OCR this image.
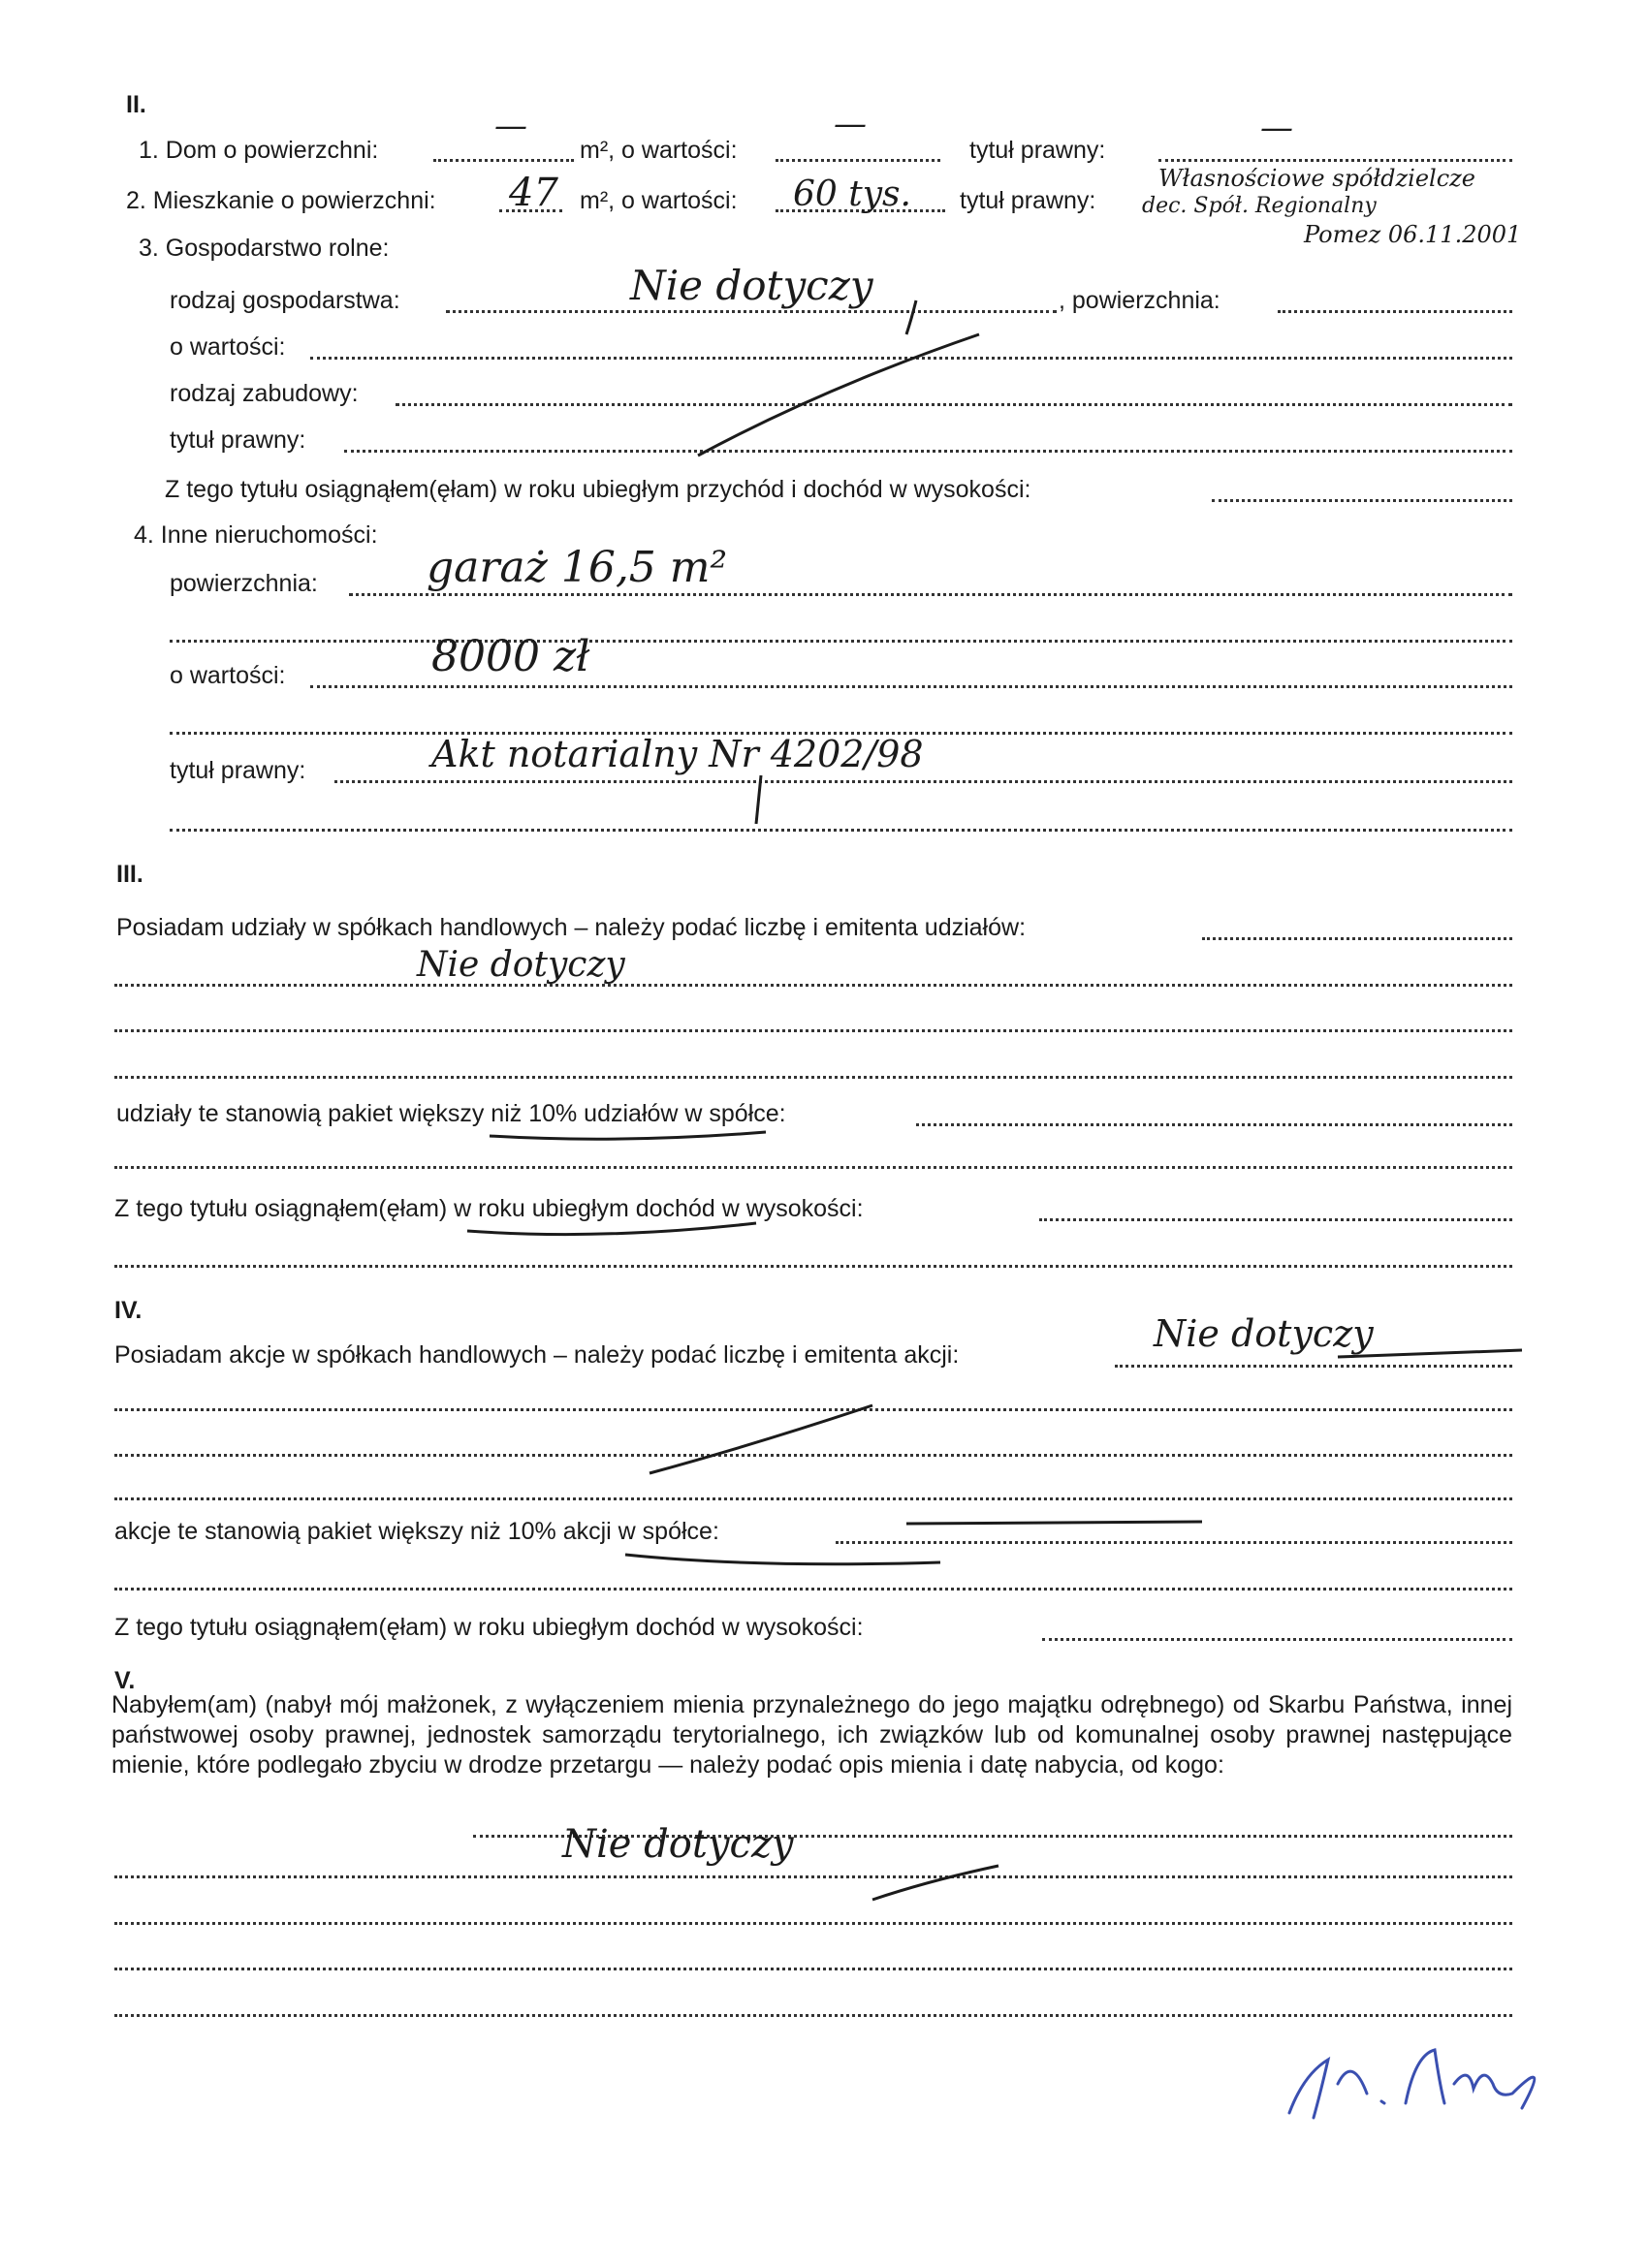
II.
1. Dom o powierzchni:
—
m², o wartości:
—
tytuł prawny:
—
2. Mieszkanie o powierzchni: 47 m², o wartości: 60 tys. tytuł prawny:
Własnościowe spółdzielcze
dec. Spół. Regionalny
Pomez 06.11.2001
3. Gospodarstwo rolne:
rodzaj gospodarstwa:	Nie dotyczy	, powierzchnia:
o wartości:
rodzaj zabudowy:
tytuł prawny:
Z tego tytułu osiągnąłem(ęłam) w roku ubiegłym przychód i dochód w wysokości:
4. Inne nieruchomości:
powierzchnia:	garaż 16,5 m²
o wartości:	8000 zł
tytuł prawny:	Akt notarialny Nr 4202/98
III.
Posiadam udziały w spółkach handlowych – należy podać liczbę i emitenta udziałów:
Nie dotyczy
udziały te stanowią pakiet większy niż 10% udziałów w spółce:
Z tego tytułu osiągnąłem(ęłam) w roku ubiegłym dochód w wysokości:
IV.
Posiadam akcje w spółkach handlowych – należy podać liczbę i emitenta akcji:	Nie dotyczy
akcje te stanowią pakiet większy niż 10% akcji w spółce:
Z tego tytułu osiągnąłem(ęłam) w roku ubiegłym dochód w wysokości:
V.
Nabyłem(am) (nabył mój małżonek, z wyłączeniem mienia przynależnego do jego majątku odrębnego) od Skarbu Państwa, innej państwowej osoby prawnej, jednostek samorządu terytorialnego, ich związków lub od komunalnej osoby prawnej następujące mienie, które podlegało zbyciu w drodze przetargu — należy podać opis mienia i datę nabycia, od kogo:
Nie dotyczy
